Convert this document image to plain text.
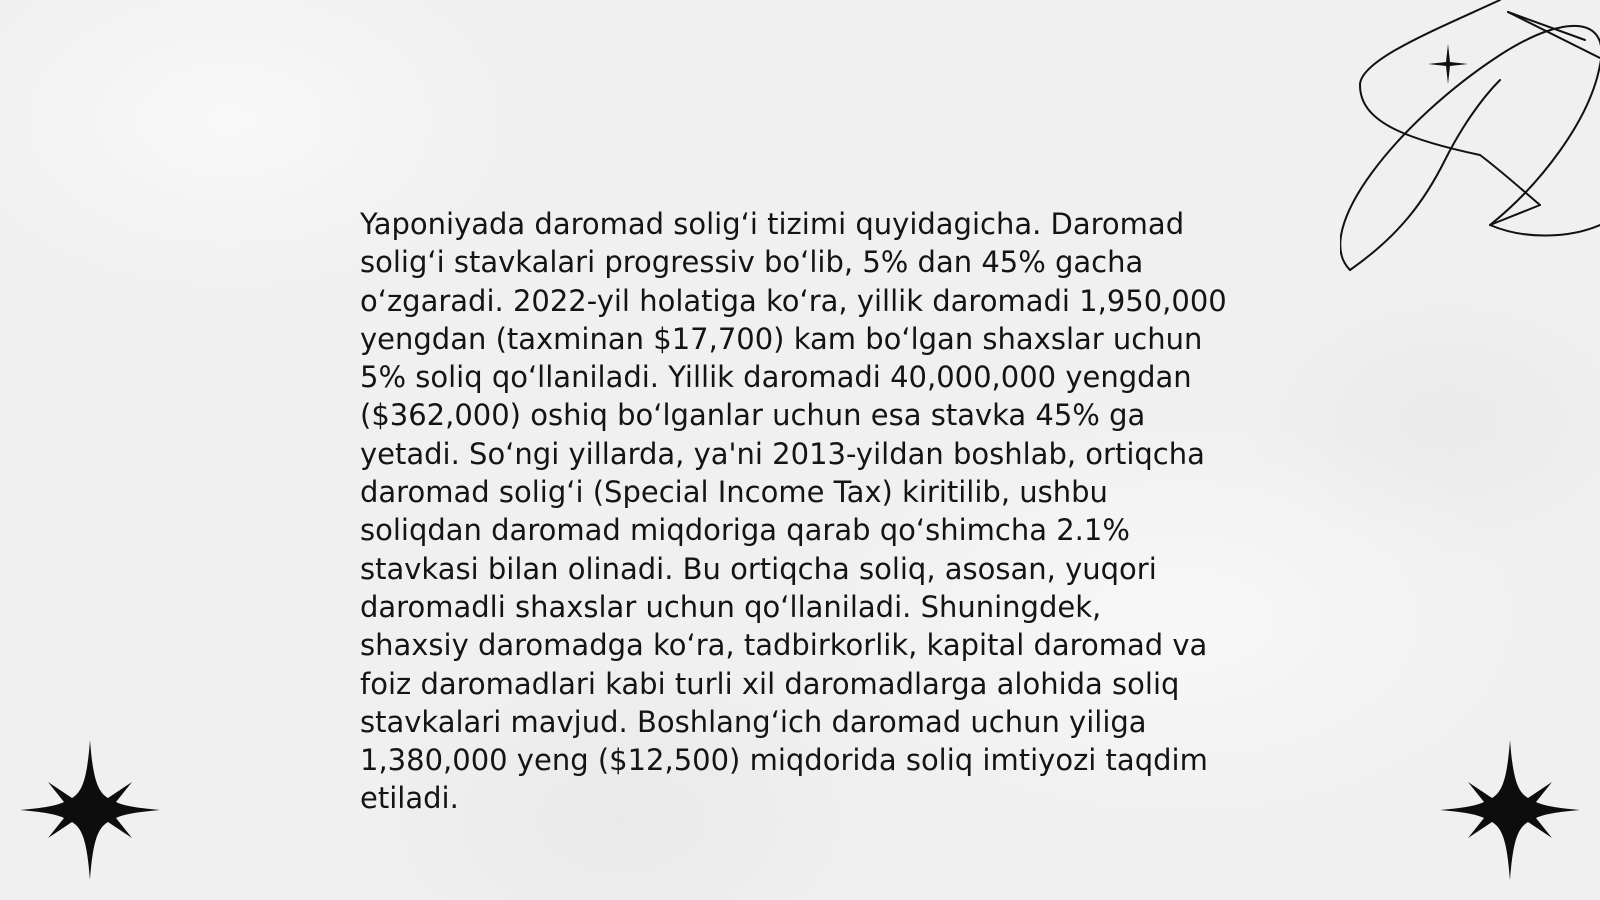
Yaponiyada daromad solig‘i tizimi quyidagicha. Daromad
solig‘i stavkalari progressiv bo‘lib, 5% dan 45% gacha
o‘zgaradi. 2022-yil holatiga ko‘ra, yillik daromadi 1,950,000
yengdan (taxminan $17,700) kam bo‘lgan shaxslar uchun
5% soliq qo‘llaniladi. Yillik daromadi 40,000,000 yengdan
($362,000) oshiq bo‘lganlar uchun esa stavka 45% ga
yetadi. So‘ngi yillarda, ya'ni 2013-yildan boshlab, ortiqcha
daromad solig‘i (Special Income Tax) kiritilib, ushbu
soliqdan daromad miqdoriga qarab qo‘shimcha 2.1%
stavkasi bilan olinadi. Bu ortiqcha soliq, asosan, yuqori
daromadli shaxslar uchun qo‘llaniladi. Shuningdek,
shaxsiy daromadga ko‘ra, tadbirkorlik, kapital daromad va
foiz daromadlari kabi turli xil daromadlarga alohida soliq
stavkalari mavjud. Boshlang‘ich daromad uchun yiliga
1,380,000 yeng ($12,500) miqdorida soliq imtiyozi taqdim
etiladi.
